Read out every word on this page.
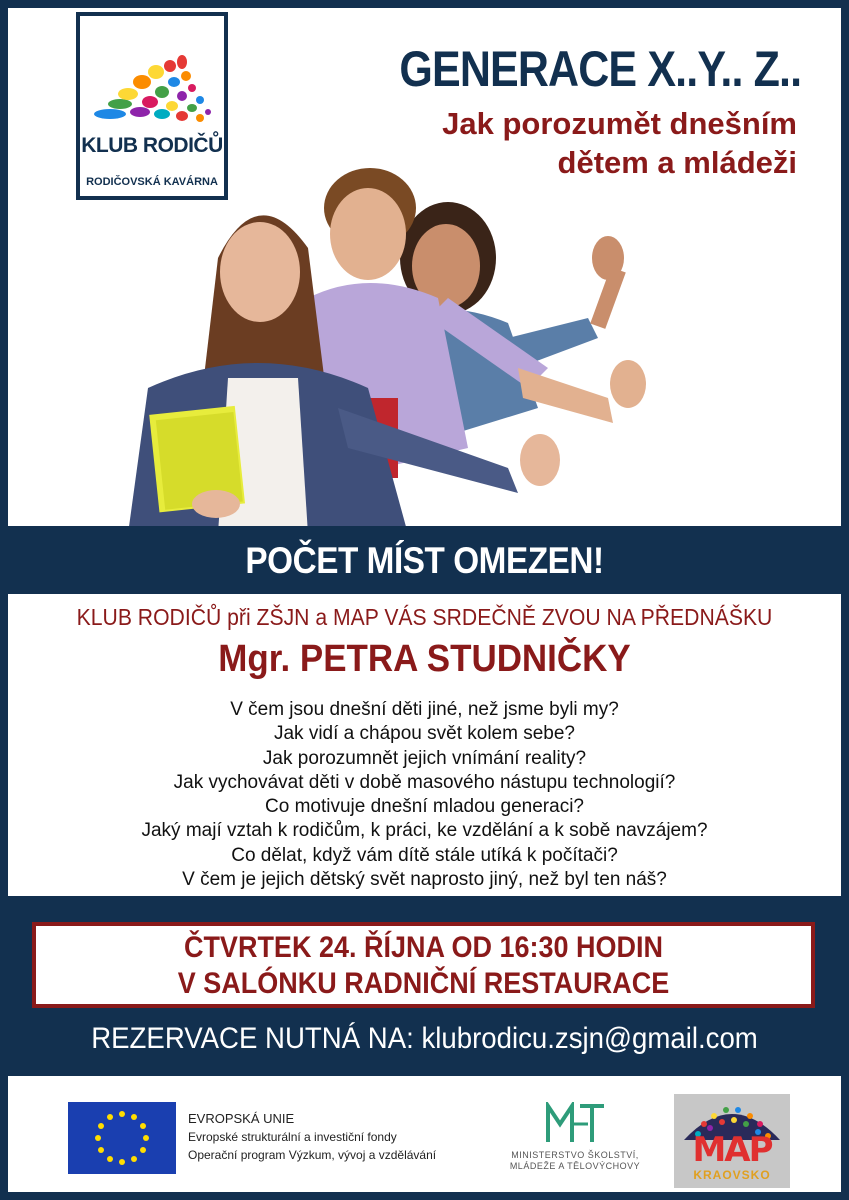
KLUB RODIČŮ
RODIČOVSKÁ KAVÁRNA
GENERACE X..Y.. Z..
Jak porozumět dnešním
dětem a mládeži
POČET MÍST OMEZEN!
KLUB RODIČŮ při ZŠJN a MAP VÁS SRDEČNĚ ZVOU NA PŘEDNÁŠKU
Mgr. PETRA STUDNIČKY
V čem jsou dnešní děti jiné, než jsme byli my?
Jak vidí a chápou svět kolem sebe?
Jak porozumnět jejich vnímání reality?
Jak vychovávat děti v době masového nástupu technologií?
Co motivuje dnešní mladou generaci?
Jaký mají vztah k rodičům, k práci, ke vzdělání a k sobě navzájem?
Co dělat, když vám dítě stále utíká k počítači?
V čem je jejich dětský svět naprosto jiný, než byl ten náš?
ČTVRTEK 24. ŘÍJNA OD 16:30 HODIN
V SALÓNKU RADNIČNÍ RESTAURACE
REZERVACE NUTNÁ NA: klubrodicu.zsjn@gmail.com
EVROPSKÁ UNIE
Evropské strukturální a investiční fondy
Operační program Výzkum, vývoj a vzdělávání	MINISTERSTVO ŠKOLSTVÍ,
MLÁDEŽE A TĚLOVÝCHOVY	MAP
KRAOVSKO
